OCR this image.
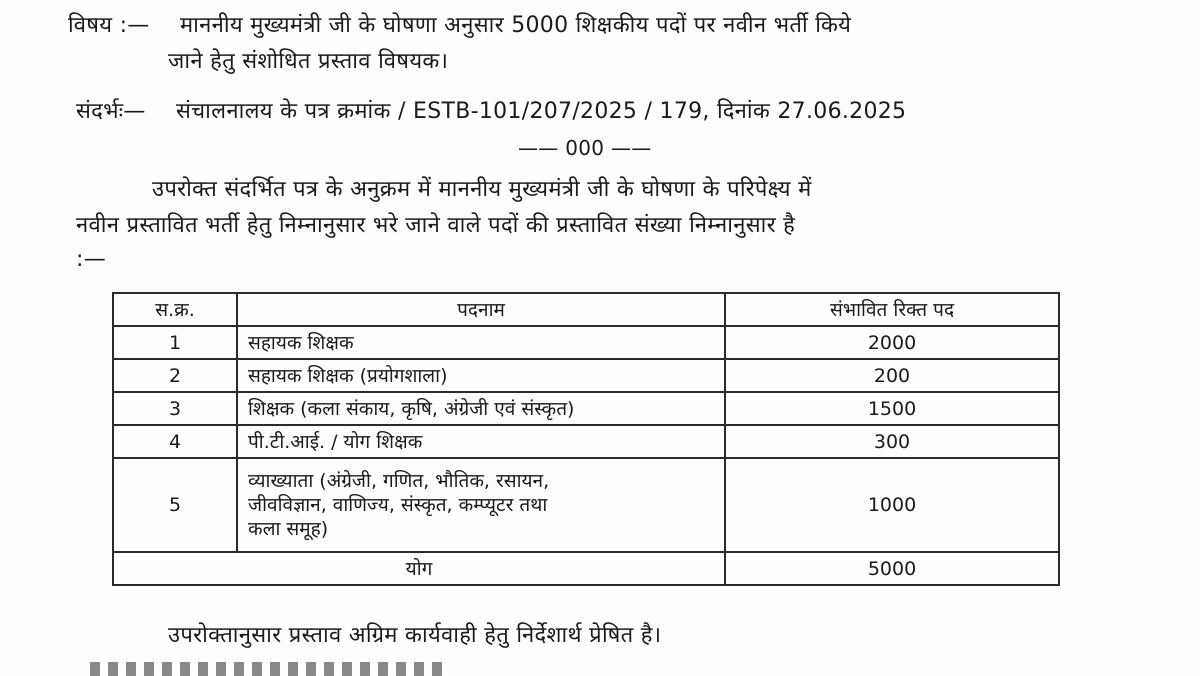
विषय :— माननीय मुख्यमंत्री जी के घोषणा अनुसार 5000 शिक्षकीय पदों पर नवीन भर्ती किये
जाने हेतु संशोधित प्रस्ताव विषयक।
संदर्भः— संचालनालय के पत्र क्रमांक / ESTB-101/207/2025 / 179, दिनांक 27.06.2025
—— 000 ——
उपरोक्त संदर्भित पत्र के अनुक्रम में माननीय मुख्यमंत्री जी के घोषणा के परिपेक्ष्य में
नवीन प्रस्तावित भर्ती हेतु निम्नानुसार भरे जाने वाले पदों की प्रस्तावित संख्या निम्नानुसार है
:—
स.क्र.	पदनाम	संभावित रिक्त पद
1	सहायक शिक्षक	2000
2	सहायक शिक्षक (प्रयोगशाला)	200
3	शिक्षक (कला संकाय, कृषि, अंग्रेजी एवं संस्कृत)	1500
4	पी.टी.आई. / योग शिक्षक	300
5	व्याख्याता (अंग्रेजी, गणित, भौतिक, रसायन,
जीवविज्ञान, वाणिज्य, संस्कृत, कम्प्यूटर तथा
कला समूह)	1000
योग		5000
उपरोक्तानुसार प्रस्ताव अग्रिम कार्यवाही हेतु निर्देशार्थ प्रेषित है।
